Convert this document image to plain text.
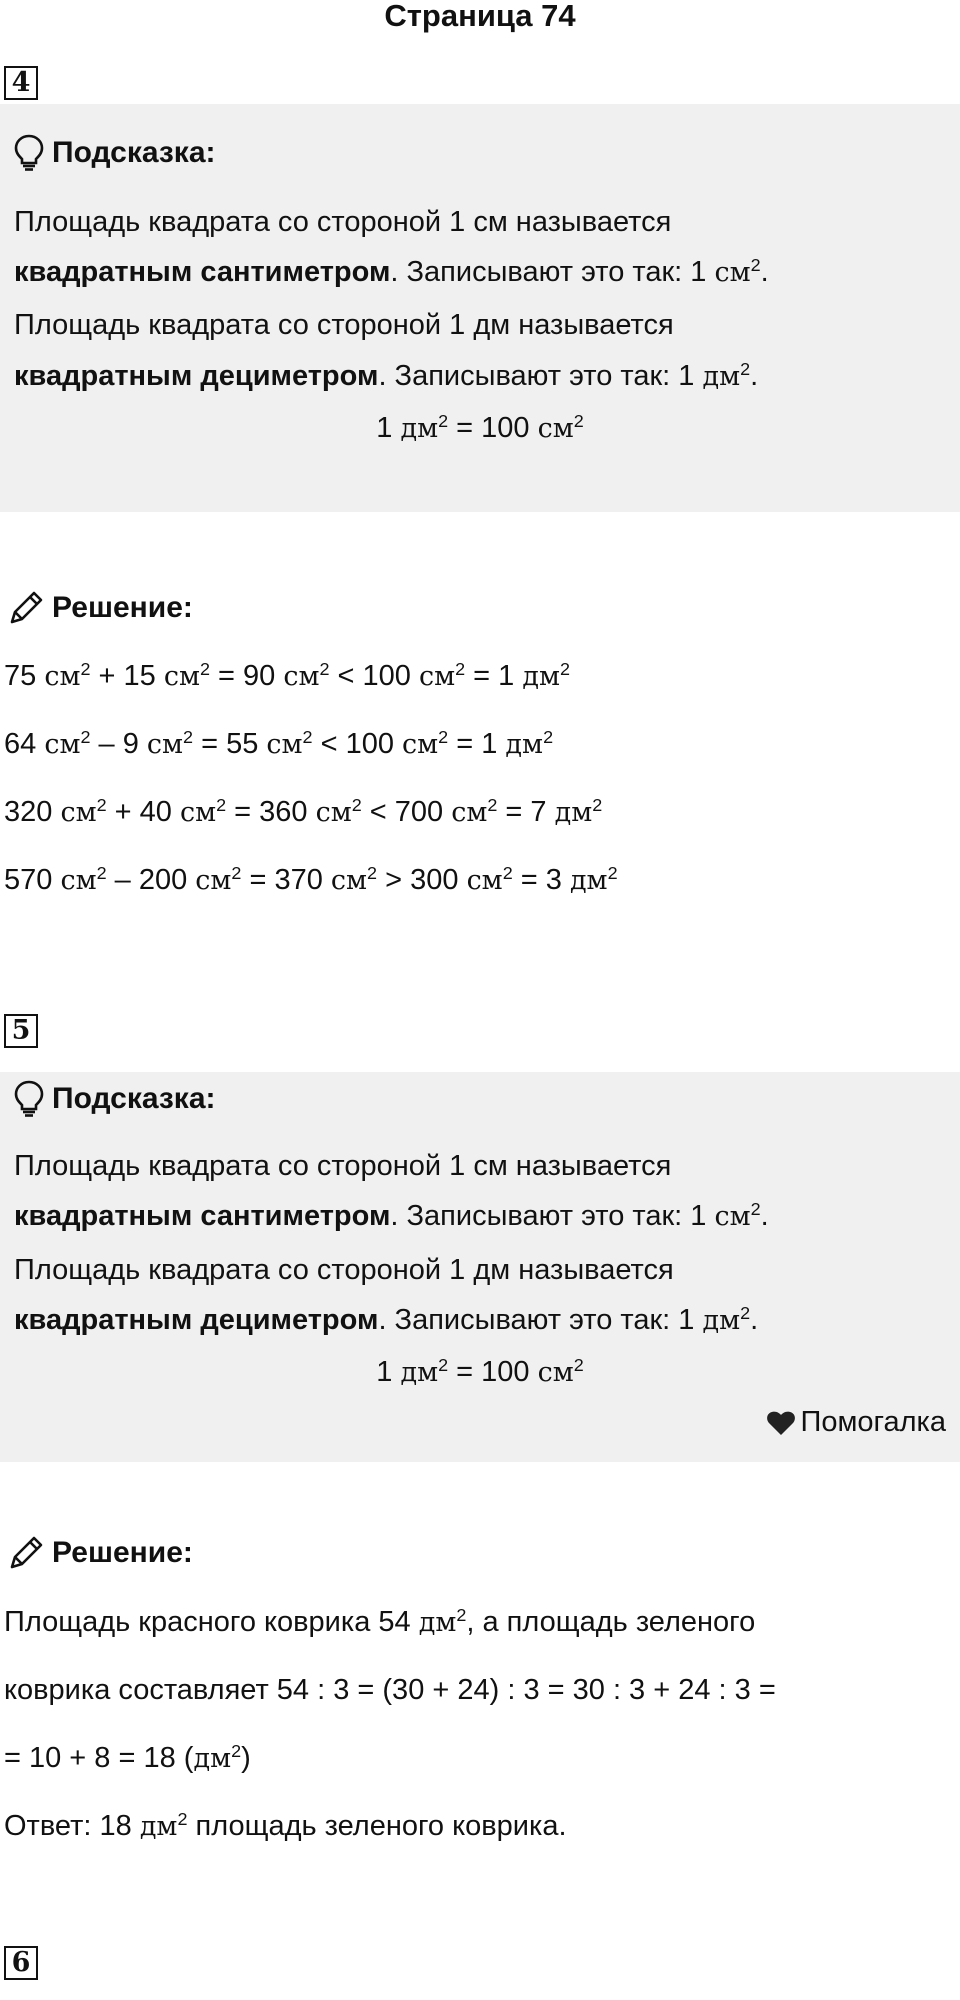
Страница 74
4
Подсказка:
Площадь квадрата со стороной 1 см называется
квадратным сантиметром. Записывают это так: 1 $см^2$.
Площадь квадрата со стороной 1 дм называется
квадратным дециметром. Записывают это так: 1 $дм^2$.
1 $дм^2 = 100$ $см^2$
Решение:
75 $см^2 + 15$ $см^2 = 90$ $см^2 < 100$ $см^2 = 1$ $дм^2$
64 $см^2 - 9$ $см^2 = 55$ $см^2 < 100$ $см^2 = 1$ $дм^2$
320 $см^2 + 40$ $см^2 = 360$ $см^2 < 700$ $см^2 = 7$ $дм^2$
570 $см^2 - 200$ $см^2 = 370$ $см^2 > 300$ $см^2 = 3$ $дм^2$
5
Подсказка:
Площадь квадрата со стороной 1 см называется
квадратным сантиметром. Записывают это так: 1 $см^2$.
Площадь квадрата со стороной 1 дм называется
квадратным дециметром. Записывают это так: 1 $дм^2$.
1 $дм^2 = 100$ $см^2$
Помогалка
Решение:
Площадь красного коврика 54 $дм^2$, а площадь зеленого
коврика составляет 54 : 3 = (30 + 24) : 3 = 30 : 3 + 24 : 3 =
= 10 + 8 = 18 $(дм^2)$
Ответ: 18 $дм^2$ площадь зеленого коврика.
6
